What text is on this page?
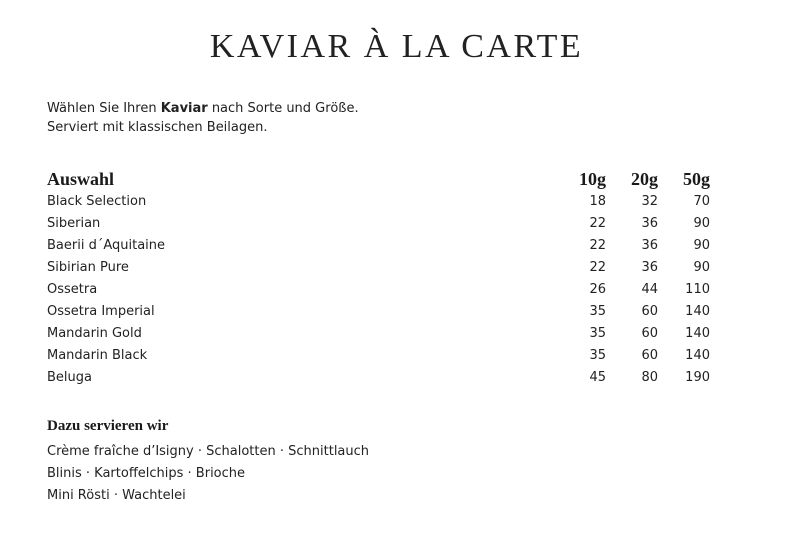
KAVIAR À LA CARTE
Wählen Sie Ihren Kaviar nach Sorte und Größe.
Serviert mit klassischen Beilagen.
Auswahl	10g	20g	50g
Black Selection	18	32	70
Siberian	22	36	90
Baerii d´Aquitaine	22	36	90
Sibirian Pure	22	36	90
Ossetra	26	44	110
Ossetra Imperial	35	60	140
Mandarin Gold	35	60	140
Mandarin Black	35	60	140
Beluga	45	80	190
Dazu servieren wir
Crème fraîche d’Isigny · Schalotten · Schnittlauch
Blinis · Kartoffelchips · Brioche
Mini Rösti · Wachtelei
